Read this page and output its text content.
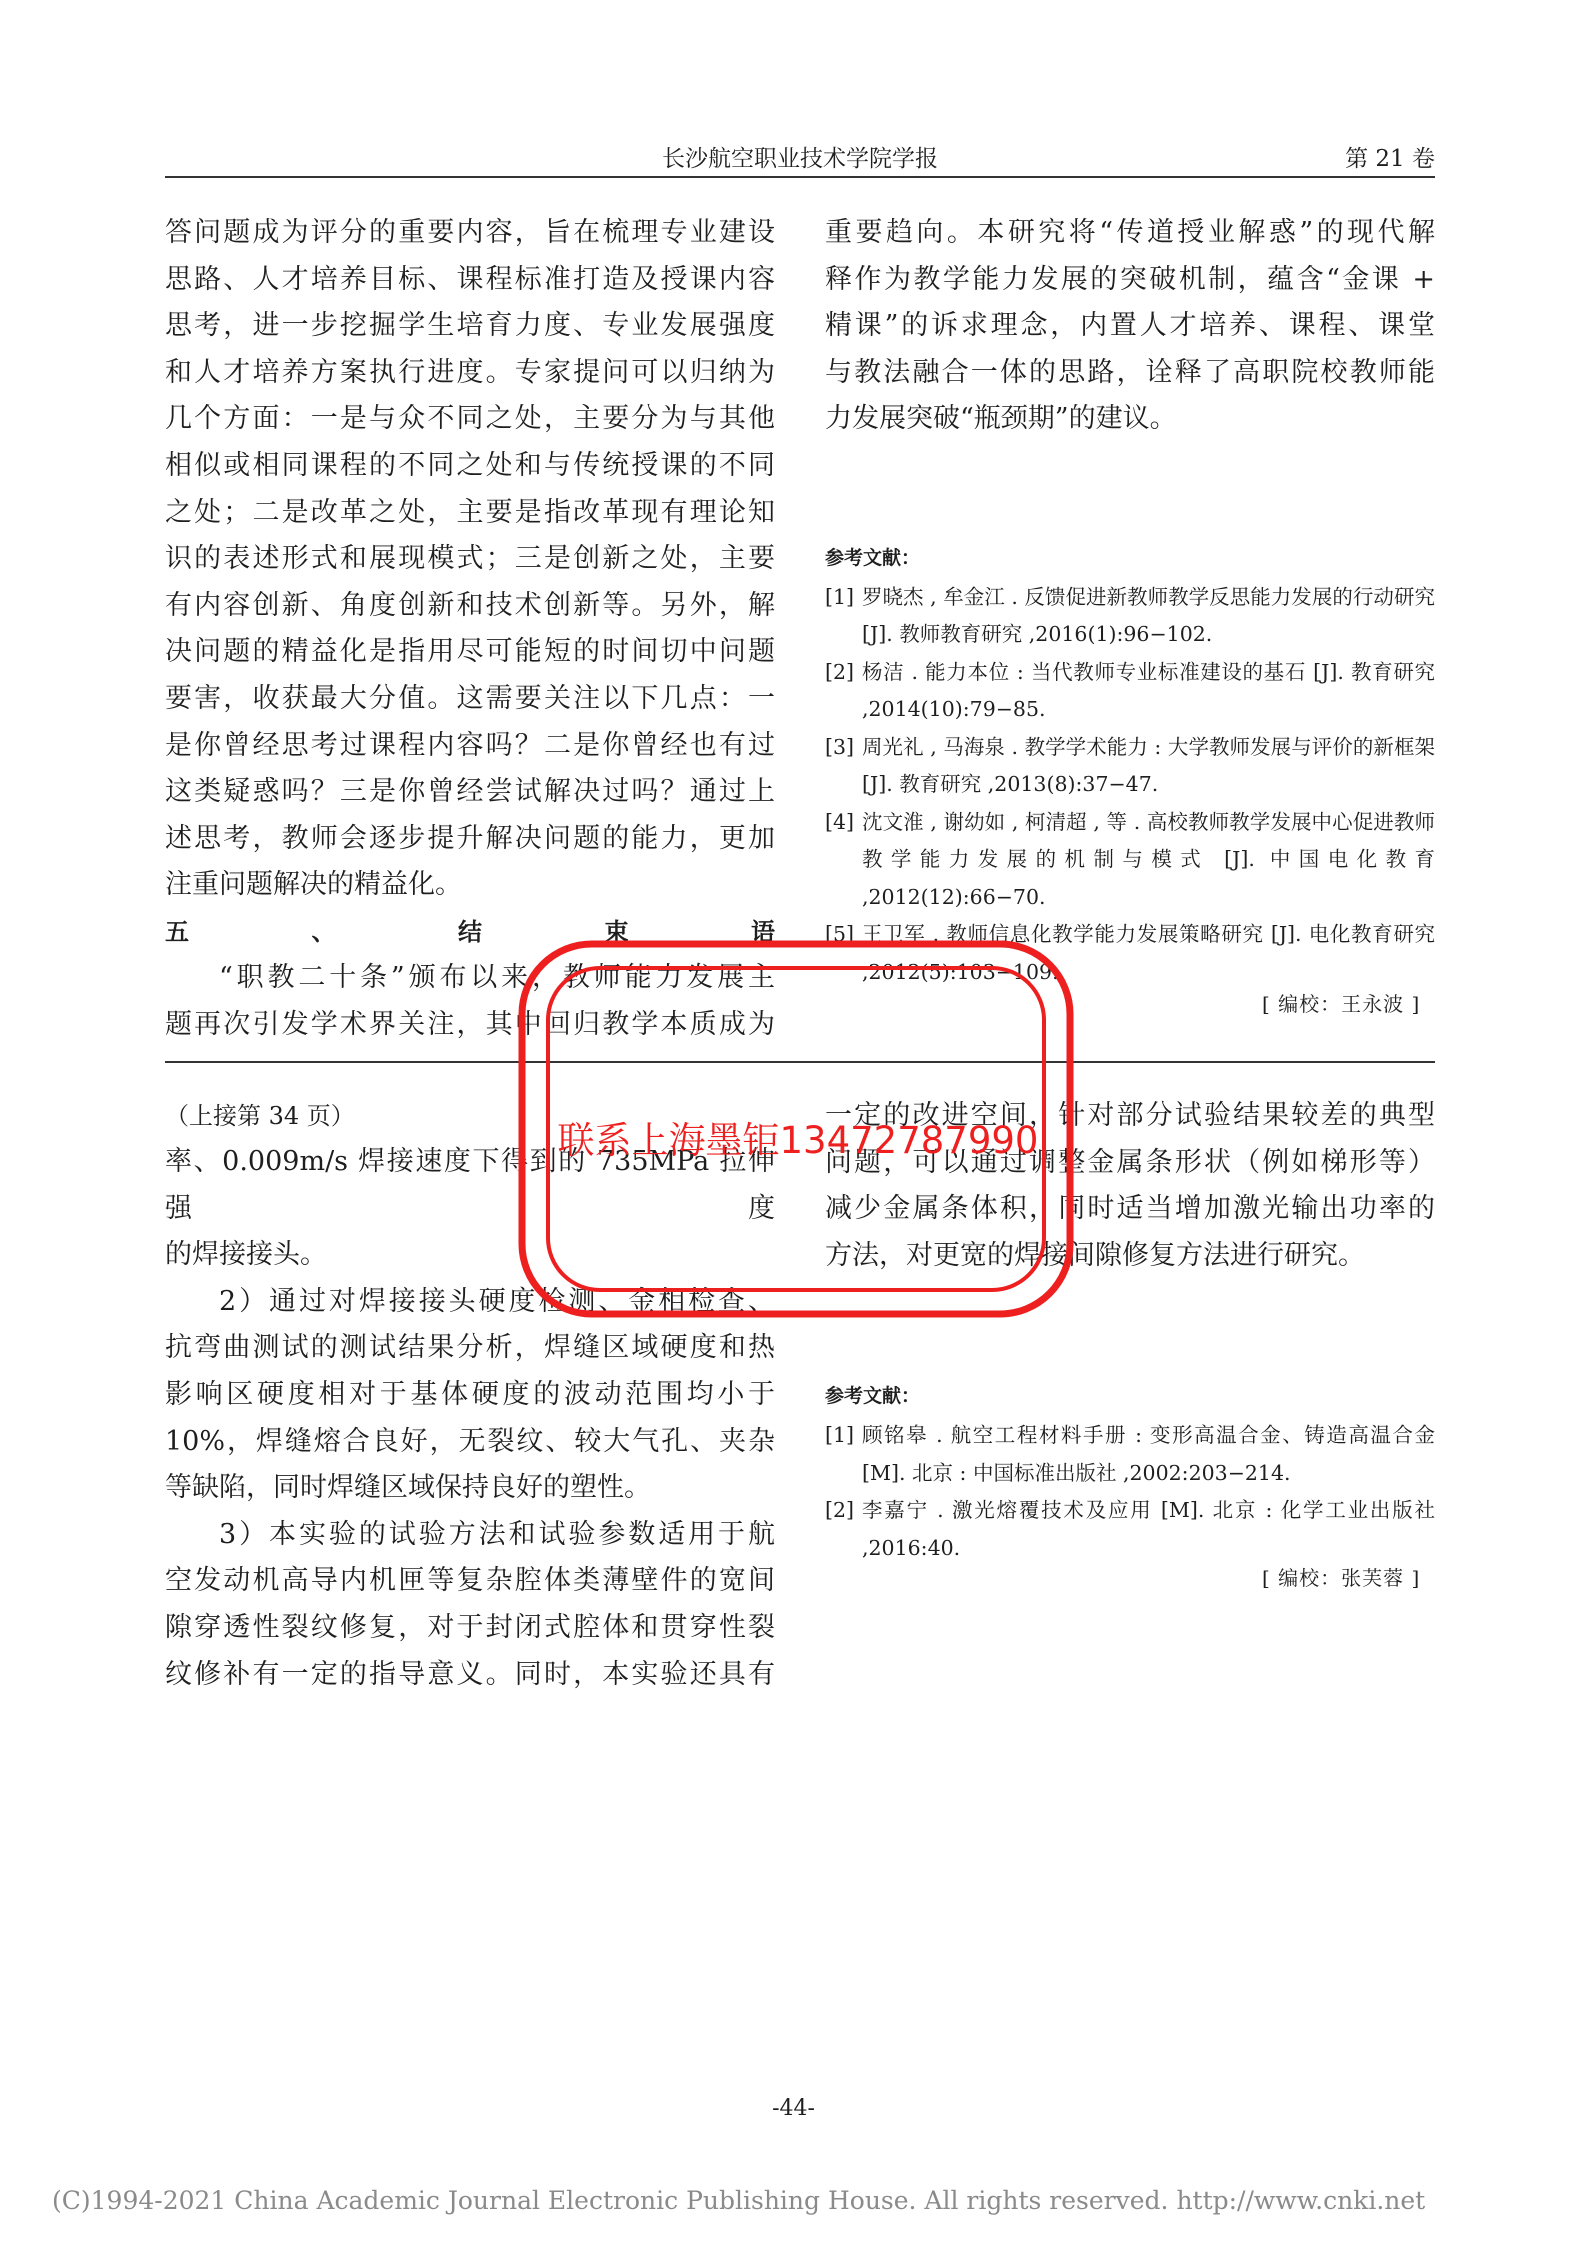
长沙航空职业技术学院学报	第 21 卷

答问题成为评分的重要内容，旨在梳理专业建设

思路、人才培养目标、课程标准打造及授课内容

思考，进一步挖掘学生培育力度、专业发展强度

和人才培养方案执行进度。专家提问可以归纳为

几个方面：一是与众不同之处，主要分为与其他

相似或相同课程的不同之处和与传统授课的不同

之处；二是改革之处，主要是指改革现有理论知

识的表述形式和展现模式；三是创新之处，主要

有内容创新、角度创新和技术创新等。另外，解

决问题的精益化是指用尽可能短的时间切中问题

要害，收获最大分值。这需要关注以下几点：一

是你曾经思考过课程内容吗？二是你曾经也有过

这类疑惑吗？三是你曾经尝试解决过吗？通过上

述思考，教师会逐步提升解决问题的能力，更加

注重问题解决的精益化。

五、结束语

“职教二十条”颁布以来，教师能力发展主

题再次引发学术界关注，其中回归教学本质成为

重要趋向。本研究将“传道授业解惑”的现代解

释作为教学能力发展的突破机制，蕴含“金课 +

精课”的诉求理念，内置人才培养、课程、课堂

与教法融合一体的思路，诠释了高职院校教师能

力发展突破“瓶颈期”的建议。

参考文献：
[1] 罗晓杰 , 牟金江 . 反馈促进新教师教学反思能力发展的行动研究 [J]. 教师教育研究 ,2016(1):96−102.
[2] 杨洁 . 能力本位 : 当代教师专业标准建设的基石 [J]. 教育研究 ,2014(10):79−85.
[3] 周光礼 , 马海泉 . 教学学术能力 : 大学教师发展与评价的新框架 [J]. 教育研究 ,2013(8):37−47.
[4] 沈文淮 , 谢幼如 , 柯清超 , 等 . 高校教师教学发展中心促进教师教学能力发展的机制与模式 [J]. 中国电化教育 ,2012(12):66−70.
[5] 王卫军 . 教师信息化教学能力发展策略研究 [J]. 电化教育研究 ,2012(5):103−109.
[ 编校：王永波 ]

（上接第 34 页）

率、0.009m/s 焊接速度下得到的 735MPa 拉伸强度

的焊接接头。

2）通过对焊接接头硬度检测、金相检查、

抗弯曲测试的测试结果分析，焊缝区域硬度和热

影响区硬度相对于基体硬度的波动范围均小于

10%，焊缝熔合良好，无裂纹、较大气孔、夹杂

等缺陷，同时焊缝区域保持良好的塑性。

3）本实验的试验方法和试验参数适用于航

空发动机高导内机匣等复杂腔体类薄壁件的宽间

隙穿透性裂纹修复，对于封闭式腔体和贯穿性裂

纹修补有一定的指导意义。同时，本实验还具有

一定的改进空间，针对部分试验结果较差的典型

问题，可以通过调整金属条形状（例如梯形等）

减少金属条体积，同时适当增加激光输出功率的

方法，对更宽的焊接间隙修复方法进行研究。

参考文献：
[1] 顾铭皋 . 航空工程材料手册 : 变形高温合金、铸造高温合金 [M]. 北京 : 中国标准出版社 ,2002:203−214.
[2] 李嘉宁 . 激光熔覆技术及应用 [M]. 北京 : 化学工业出版社 ,2016:40.
[ 编校：张芙蓉 ]
-44-
(C)1994-2021 China Academic Journal Electronic Publishing House. All rights reserved. http://www.cnki.net
联系上海墨钜13472787990
